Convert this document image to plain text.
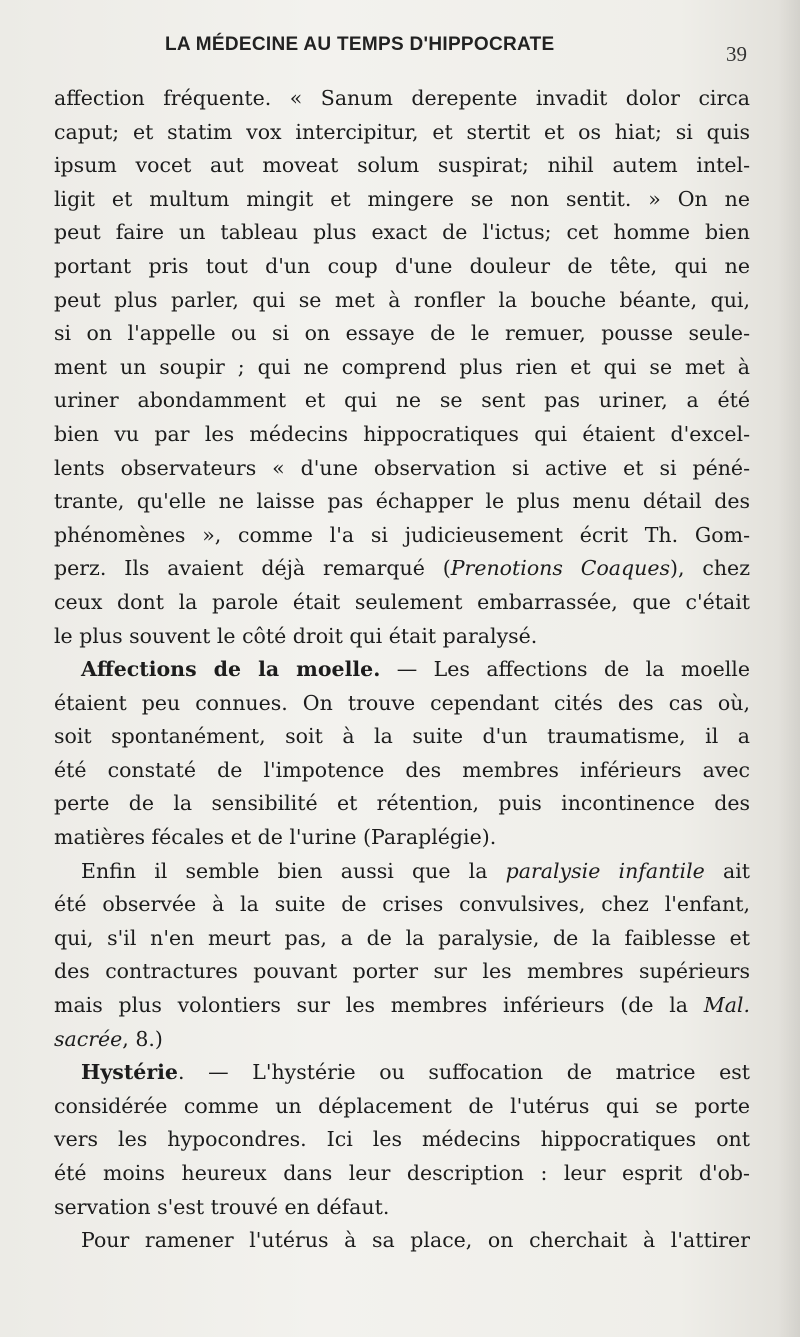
LA MÉDECINE AU TEMPS D'HIPPOCRATE	39
affection fréquente. « Sanum derepente invadit dolor circa
caput; et statim vox intercipitur, et stertit et os hiat; si quis
ipsum vocet aut moveat solum suspirat; nihil autem intel-
ligit et multum mingit et mingere se non sentit. » On ne
peut faire un tableau plus exact de l'ictus; cet homme bien
portant pris tout d'un coup d'une douleur de tête, qui ne
peut plus parler, qui se met à ronfler la bouche béante, qui,
si on l'appelle ou si on essaye de le remuer, pousse seule-
ment un soupir ; qui ne comprend plus rien et qui se met à
uriner abondamment et qui ne se sent pas uriner, a été
bien vu par les médecins hippocratiques qui étaient d'excel-
lents observateurs « d'une observation si active et si péné-
trante, qu'elle ne laisse pas échapper le plus menu détail des
phénomènes », comme l'a si judicieusement écrit Th. Gom-
perz. Ils avaient déjà remarqué (Prenotions Coaques), chez
ceux dont la parole était seulement embarrassée, que c'était
le plus souvent le côté droit qui était paralysé.
Affections de la moelle. — Les affections de la moelle
étaient peu connues. On trouve cependant cités des cas où,
soit spontanément, soit à la suite d'un traumatisme, il a
été constaté de l'impotence des membres inférieurs avec
perte de la sensibilité et rétention, puis incontinence des
matières fécales et de l'urine (Paraplégie).
Enfin il semble bien aussi que la paralysie infantile ait
été observée à la suite de crises convulsives, chez l'enfant,
qui, s'il n'en meurt pas, a de la paralysie, de la faiblesse et
des contractures pouvant porter sur les membres supérieurs
mais plus volontiers sur les membres inférieurs (de la Mal.
sacrée, 8.)
Hystérie. — L'hystérie ou suffocation de matrice est
considérée comme un déplacement de l'utérus qui se porte
vers les hypocondres. Ici les médecins hippocratiques ont
été moins heureux dans leur description : leur esprit d'ob-
servation s'est trouvé en défaut.
Pour ramener l'utérus à sa place, on cherchait à l'attirer
